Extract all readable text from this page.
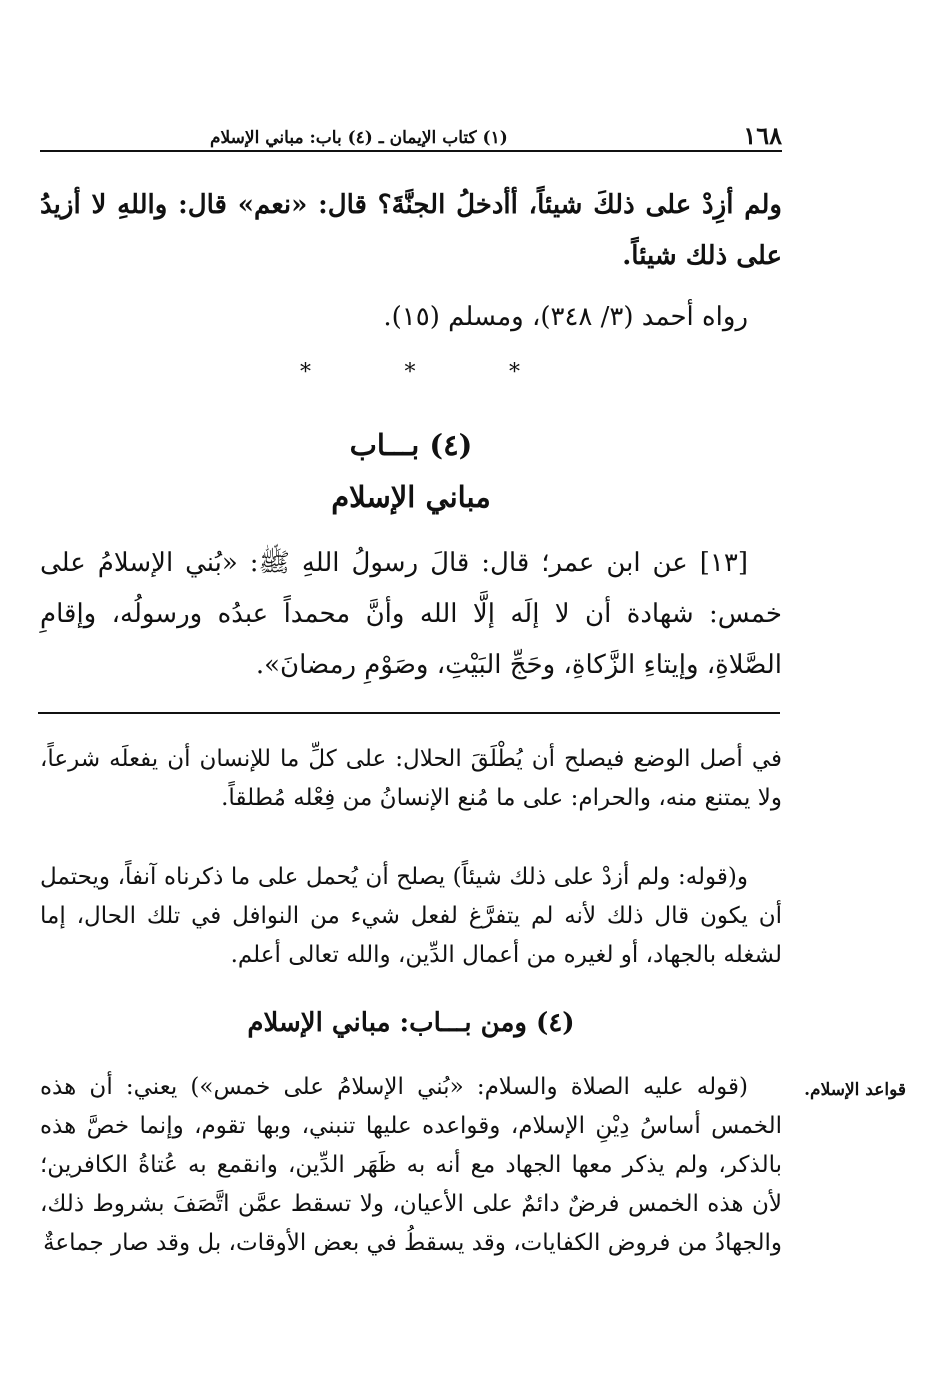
١٦٨
(١) كتاب الإيمان ـ (٤) باب: مباني الإسلام

ولم أزِدْ على ذلكَ شيئاً، أأدخلُ الجنَّةَ؟ قال: «نعم» قال: واللهِ لا أزيدُ على ذلك شيئاً.

رواه أحمد (٣/ ٣٤٨)، ومسلم (١٥).

*
*
*
(٤) بـــاب
مباني الإسلام

[١٣] عن ابن عمر؛ قال: قالَ رسولُ اللهِ ﷺ: «بُني الإسلامُ على خمس: شهادة أن لا إلَه إلَّا الله وأنَّ محمداً عبدُه ورسولُه، وإقامِ الصَّلاةِ، وإيتاءِ الزَّكاةِ، وحَجِّ البَيْتِ، وصَوْمِ رمضانَ».

في أصل الوضع فيصلح أن يُطْلَقَ الحلال: على كلِّ ما للإنسان أن يفعلَه شرعاً، ولا يمتنع منه، والحرام: على ما مُنع الإنسانُ من فِعْله مُطلقاً.

و(قوله: ولم أزدْ على ذلك شيئاً) يصلح أن يُحمل على ما ذكرناه آنفاً، ويحتمل أن يكون قال ذلك لأنه لم يتفرَّغ لفعل شيء من النوافل في تلك الحال، إما لشغله بالجهاد، أو لغيره من أعمال الدِّين، والله تعالى أعلم.

(٤) ومن بـــاب: مباني الإسلام
قواعد الإسلام.

(قوله عليه الصلاة والسلام: «بُني الإسلامُ على خمس») يعني: أن هذه الخمس أساسُ دِيْنِ الإسلام، وقواعده عليها تنبني، وبها تقوم، وإنما خصَّ هذه بالذكر، ولم يذكر معها الجهاد مع أنه به ظَهَر الدِّين، وانقمع به عُتاةُ الكافرين؛ لأن هذه الخمس فرضٌ دائمٌ على الأعيان، ولا تسقط عمَّن اتَّصَفَ بشروط ذلك، والجهادُ من فروض الكفايات، وقد يسقطُ في بعض الأوقات، بل وقد صار جماعةٌ
